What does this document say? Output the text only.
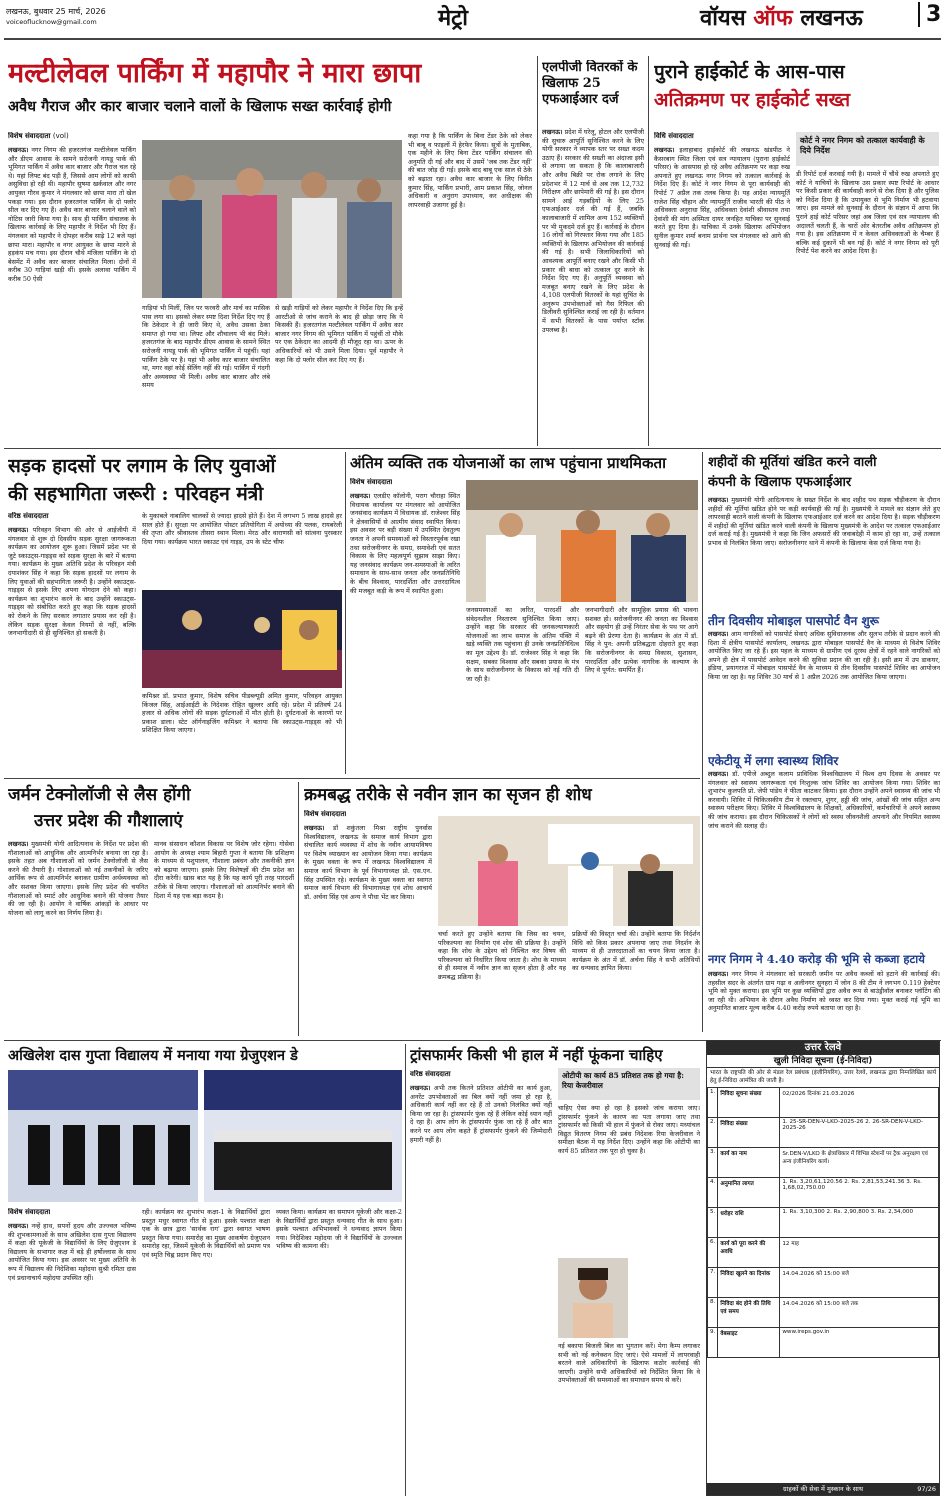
लखनऊ, बुधवार 25 मार्च, 2026
voiceoflucknow@gmail.com	मेट्रो	वॉयस ऑफ लखनऊ	3
मल्टीलेवल पार्किंग में महापौर ने मारा छापा
अवैध गैराज और कार बाजार चलाने वालों के खिलाफ सख्त कार्रवाई होगी
विशेष संवाददाता (vol)
लखनऊ। नगर निगम की हजरतगंज मल्टीलेवल पार्किंग और डीएम आवास के सामने सरोजनी नायडू पार्क की भूमिगत पार्किंग में अवैध कार बाजार और गैराज चल रहे थे। यहां लिफ्ट बंद पड़ी हैं, जिससे आम लोगों को काफी असुविधा हो रही थी। महापौर सुषमा खर्कवाल और नगर आयुक्त गौरव कुमार ने मंगलवार को छापा मारा तो खेल पकड़ा गया। इस दौरान हजरतगंज पार्किंग के दो फ्लोर सील कर दिए गए हैं। अवैध कार बाजार चलाने वाले को नोटिस जारी किया गया है। साथ ही पार्किंग संचालक के खिलाफ कार्रवाई के लिए महापौर ने निर्देश भी दिए हैं। मंगलवार को महापौर ने दोपहर करीब साढ़े 12 बजे यहां छापा मारा। महापौर व नगर आयुक्त के छापा मारने से हड़कंप मच गया। इस दौरान चौथे मंजिला पार्किंग के दो बेसमेंट में अवैध कार बाजार संचालित मिला। दोनों में करीब 30 गाड़ियां खड़ी थीं। इसके अलावा पार्किंग में करीब 50 ऐसी
गाड़ियां भी मिलीं, जिन पर फरवरी और मार्च का मासिक पास लगा था। इसको लेकर स्पष्ट दिशा निर्देश दिए गए हैं कि ठेकेदार ने ही जारी किए थे, अवैध उसका ठेका समाप्त हो गया था। लिफ्ट और शौचालय भी बंद मिले। हजरतगंज के बाद महापौर डीएम आवास के सामने स्थित सरोजनी नायडू पार्क की भूमिगत पार्किंग में पहुंचीं। यहां पार्किंग ठेके पर है। यहां भी अवैध कार बाजार संचालित था, मगर वहां कोई सेलिंग नहीं की गई। पार्किंग में गंदगी और अव्यवस्था भी मिली। अवैध कार बाजार और लंबे समय
से खड़ी गाड़ियों को लेकर महापौर ने निर्देश दिए कि इन्हें आरटीओ से जांच कराने के बाद ही छोड़ा जाए कि ये किसकी हैं। हजरतगंज मल्टीलेवल पार्किंग में अवैध कार बाजार नगर निगम की भूमिगत पार्किंग में पहुंचीं तो मौके पर एक ठेकेदार का आदमी ही मौजूद रहा था। ऊपर के अधिकारियों को भी उसने मिला दिया। पूर्व महापौर ने कहा कि दो फ्लोर सील कर दिए गए हैं।
कहा गया है कि पार्किंग के बिना टेंडर ठेके को लेकर भी बाबू व फाइलों में हेरफेर किया। सूत्रों के मुताबिक, एक महीने के लिए बिना टेंडर पार्किंग संचालन की अनुमति दी गई और बाद में उसमें 'जब तक टेंडर नहीं' की बात जोड़ दी गई। इसके बाद बाबू एक साल से ठेके को बढ़ाता रहा। अवैध कार बाजार के लिए विनीत कुमार सिंह, पार्किंग प्रभारी, आम प्रकाश सिंह, जोनल अधिकारी व अनुराग उपाध्याय, कर अधीक्षक की लापरवाही उजागर हुई है।
एलपीजी वितरकों के खिलाफ 25 एफआईआर दर्ज
लखनऊ। प्रदेश में घरेलू, होटल और एलपीजी की सुचारु आपूर्ति सुनिश्चित करने के लिए योगी सरकार ने व्यापक स्तर पर सख्त कदम उठाए हैं। सरकार की सख्ती का अंदाजा इसी से लगाया जा सकता है कि कालाबाजारी और अवैध बिक्री पर रोक लगाने के लिए प्रदेशभर में 12 मार्च से अब तक 12,732 निरीक्षण और छापेमारी की गई है। इस दौरान सामने आई गड़बड़ियों के लिए 25 एफआईआर दर्ज की गई हैं, जबकि कालाबाजारी में शामिल अन्य 152 व्यक्तियों पर भी मुकदमे दर्ज हुए हैं। कार्रवाई के दौरान 16 लोगों को गिरफ्तार किया गया और 185 व्यक्तियों के खिलाफ अभियोजन की कार्रवाई की गई है। सभी जिलाधिकारियों को आवश्यक आपूर्ति बनाए रखने और किसी भी प्रकार की बाधा को तत्काल दूर करने के निर्देश दिए गए हैं। अनुपूर्ति व्यवस्था को मजबूत बनाए रखने के लिए प्रदेश के 4,108 एलपीजी वितरकों के यहां सुचिंत के अनुरूप उपभोक्ताओं को गैस रिफिल की डिलीवरी सुनिश्चित कराई जा रही है। वर्तमान में सभी वितरकों के पास पर्याप्त स्टॉक उपलब्ध है।
पुराने हाईकोर्ट के आस-पास
अतिक्रमण पर हाईकोर्ट सख्त
विधि संवाददाता
लखनऊ। इलाहाबाद हाईकोर्ट की लखनऊ खंडपीठ ने कैसरबाग स्थित जिला एवं सत्र न्यायालय (पुराना हाईकोर्ट परिसर) के आसपास हो रहे अवैध अतिक्रमण पर कड़ा रुख अपनाते हुए लखनऊ नगर निगम को तत्काल कार्रवाई के निर्देश दिए हैं। कोर्ट ने नगर निगम से पूरा कार्यवाही की रिपोर्ट 7 अप्रैल तक तलब किया है। यह आदेश न्यायमूर्ति राजेश सिंह चौहान और न्यायमूर्ति राजीव भारती की पीठ ने अधिवक्ता अनुराधा सिंह, अधिवक्ता देवांशी श्रीवास्तव तथा देवांशी की मांग अस्मिता दायर जनहित याचिका पर सुनवाई करते हुए दिया है। याचिका में उनके खिलाफ अभियोजन सुनील कुमार शर्मा बनाम प्रार्थना पत्र मंगलवार को आगे की सुनवाई की गई।
कोर्ट ने नगर निगम को तत्काल कार्यवाही के दिये निर्देश
डी रिपोर्ट दर्ज करवाई गयी है। मामले में चौथे रुख अपनाते हुए कोर्ट ने याचियों के खिलाफ उस प्रकार स्पष्ट रिपोर्ट के आधार पर किसी प्रकार की कार्यवाही करने से रोक दिया है और पुलिस को निर्देश दिया है कि उपायुक्त से भूमि निर्माण भी हटवाया जाए। इस मामले को सुनवाई के दौरान के संज्ञान में आया कि पुराने हाई कोर्ट परिसर जहां अब जिला एवं सत्र न्यायालय की अदालतें चलती हैं, के चारों ओर बेतरतीब अवैध अतिक्रमण हो गया है। इस अतिक्रमण में न केवल अधिवक्ताओं के चैम्बर हैं बल्कि कई दुकानें भी बन गई हैं। कोर्ट ने नगर निगम को पूरी रिपोर्ट पेश करने का आदेश दिया है।
सड़क हादसों पर लगाम के लिए युवाओं
की सहभागिता जरूरी : परिवहन मंत्री
वरिष्ठ संवाददाता
लखनऊ। परिवहन विभाग की ओर से आईजीपी में मंगलवार से शुरू दो दिवसीय सड़क सुरक्षा जागरूकता कार्यक्रम का आयोजन शुरू हुआ। जिसमें प्रदेश भर से जुटे स्काउट्स-गाइड्स को सड़क सुरक्षा के बारे में बताया गया। कार्यक्रम के मुख्य अतिथि प्रदेश के परिवहन मंत्री दयाशंकर सिंह ने कहा कि सड़क हादसों पर लगाम के लिए युवाओं की सहभागिता जरूरी है। उन्होंने स्काउट्स-गाइड्स से इसके लिए अपना योगदान देने को कहा। कार्यक्रम का शुभारंभ करने के बाद उन्होंने स्काउट्स-गाइड्स को संबोधित करते हुए कहा कि सड़क हादसों को रोकने के लिए सरकार लगातार प्रयास कर रही है। लेकिन सड़क सुरक्षा केवल नियमों से नहीं, बल्कि जनभागीदारी से ही सुनिश्चित हो सकती है।
के मुकाबले नाबालिग चालकों से ज्यादा हादसे होते हैं। देश में लगभग 5 लाख हादसे हर साल होते हैं। सुरक्षा पर आयोजित पोस्टर प्रतियोगिता में अयोध्या की पलक, रायबरेली की तृप्ता और श्रीवास्तव तीसरा स्थान मिला। मेरठ और वाराणसी को सांत्वना पुरस्कार दिया गया। कार्यक्रम भारत स्काउट एवं गाइड, उप के स्टेट चीफ
कमिश्नर डॉ. प्रभात कुमार, विशेष सचिव पीडब्ल्यूडी अमित कुमार, परिवहन आयुक्त किंजल सिंह, आईआईटी के निदेशक रोहित खुल्लर आदि रहे। प्रदेश में प्रतिवर्ष 24 हजार से अधिक लोगों की सड़क दुर्घटनाओं में मौत होती है। दुर्घटनाओं के कारणों पर प्रकाश डाला। स्टेट ऑर्गनाइजिंग कमिश्नर ने बताया कि स्काउट्स-गाइड्स को भी प्रशिक्षित किया जाएगा।
अंतिम व्यक्ति तक योजनाओं का लाभ पहुंचाना प्राथमिकता
विशेष संवाददाता
लखनऊ। एलडीए कॉलोनी, पराग चौराहा स्थित विधायक कार्यालय पर मंगलवार को आयोजित जनसंवाद कार्यक्रम में विधायक डॉ. राजेश्वर सिंह ने क्षेत्रवासियों से आत्मीय संवाद स्थापित किया। इस अवसर पर बड़ी संख्या में उपस्थित देवतुल्य जनता ने अपनी समस्याओं को विस्तारपूर्वक रखा तथा सरोजनीनगर के समग्र, समावेशी एवं सतत विकास के लिए महत्वपूर्ण सुझाव साझा किए। यह जनसंवाद कार्यक्रम जन-समस्याओं के त्वरित समाधान के साथ-साथ जनता और जनप्रतिनिधि के बीच विश्वास, पारदर्शिता और उत्तरदायित्व की मजबूत कड़ी के रूप में स्थापित हुआ।
जनसमस्याओं का त्वरित, पारदर्शी और संवेदनशील निस्तारण सुनिश्चित किया जाए। उन्होंने कहा कि सरकार की जनकल्याणकारी योजनाओं का लाभ समाज के अंतिम पंक्ति में खड़े व्यक्ति तक पहुंचाना ही उनके जनप्रतिनिधित्व का मूल उद्देश्य है। डॉ. राजेश्वर सिंह ने कहा कि सक्षम, सबका विश्वास और सबका प्रयास के मंत्र के साथ सरोजनीनगर के विकास को नई गति दी जा रही है।
जनभागीदारी और सामूहिक प्रयास की भावना सशक्त हो। सरोजनीनगर की जनता का विश्वास और सहयोग ही उन्हें निरंतर सेवा के पथ पर आगे बढ़ने की प्रेरणा देता है। कार्यक्रम के अंत में डॉ. सिंह ने पुन: अपनी प्रतिबद्धता दोहराते हुए कहा कि सरोजनीनगर के समग्र विकास, सुशासन, पारदर्शिता और प्रत्येक नागरिक के कल्याण के लिए वे पूर्णत: समर्पित हैं।
शहीदों की मूर्तियां खंडित करने वाली
कंपनी के खिलाफ एफआईआर
लखनऊ। मुख्यमंत्री योगी आदित्यनाथ के सख्त निर्देश के बाद शहीद पथ सड़क चौड़ीकरण के दौरान शहीदों की मूर्तियां खंडित होने पर कड़ी कार्यवाही की गई है। मुख्यमंत्री ने मामले का संज्ञान लेते हुए लापरवाही बरतने वाली कंपनी के खिलाफ एफआईआर दर्ज करने का आदेश दिया है। सड़क चौड़ीकरण में शहीदों की मूर्तियां खंडित करने वाली कंपनी के खिलाफ मुख्यमंत्री के आदेश पर तत्काल एफआईआर दर्ज कराई गई है। मुख्यमंत्री ने कहा कि जिन अफसरों की जवाबदेही में काम हो रहा था, उन्हें तत्काल प्रभाव से निलंबित किया जाए। सरोजनीनगर थाने में कंपनी के खिलाफ केस दर्ज किया गया है।
तीन दिवसीय मोबाइल पासपोर्ट वैन शुरू
लखनऊ। आम नागरिकों को पासपोर्ट सेवाएं अधिक सुविधाजनक और सुलभ तरीके से प्रदान करने की दिशा में क्षेत्रीय पासपोर्ट कार्यालय, लखनऊ द्वारा मोबाइल पासपोर्ट वैन के माध्यम से विशेष शिविर आयोजित किए जा रहे हैं। इस पहल के माध्यम से ग्रामीण एवं दूरस्थ क्षेत्रों में रहने वाले नागरिकों को अपने ही क्षेत्र में पासपोर्ट आवेदन करने की सुविधा प्रदान की जा रही है। इसी क्रम में उप डाकघर, इंडिया, प्रयागराज में मोबाइल पासपोर्ट वैन के माध्यम से तीन दिवसीय पासपोर्ट शिविर का आयोजन किया जा रहा है। यह शिविर 30 मार्च से 1 अप्रैल 2026 तक आयोजित किया जाएगा।
एकेटीयू में लगा स्वास्थ्य शिविर
लखनऊ। डॉ. एपीजे अब्दुल कलाम प्राविधिक विश्वविद्यालय में विश्व क्षय दिवस के अवसर पर मंगलवार को स्वास्थ्य जागरूकता एवं निःशुल्क जांच शिविर का आयोजन किया गया। शिविर का शुभारंभ कुलपति प्रो. जेपी पांडेय ने फीता काटकर किया। इस दौरान उन्होंने अपने स्वास्थ्य की जांच भी करवायी। शिविर में चिकित्सकीय टीम ने रक्तचाप, शुगर, हड्डी की जांच, आंखों की जांच सहित अन्य स्वास्थ्य परीक्षण किए। शिविर में विश्वविद्यालय के शिक्षकों, अधिकारियों, कर्मचारियों ने अपने स्वास्थ्य की जांच कराया। इस दौरान चिकित्सकों ने लोगों को स्वस्थ जीवनशैली अपनाने और नियमित स्वास्थ्य जांच कराने की सलाह दी।
नगर निगम ने 4.40 करोड़ की भूमि से कब्जा हटाये
लखनऊ। नगर निगम ने मंगलवार को सरकारी जमीन पर अवैध कब्जों को हटाने की कार्रवाई की। तहसील सदर के अंतर्गत ग्राम गढ़ा व अलीनगर सुनहरा में जोन 8 की टीम ने लगभग 0.119 हेक्टेयर भूमि को मुक्त कराया। इस भूमि पर कुछ व्यक्तियों द्वारा अवैध रूप से बाउंड्रीवॉल बनाकर प्लॉटिंग की जा रही थी। अभियान के दौरान अवैध निर्माण को ध्वस्त कर दिया गया। मुक्त कराई गई भूमि का अनुमानित बाजार मूल्य करीब 4.40 करोड़ रुपये बताया जा रहा है।
जर्मन टेक्नोलॉजी से लैस होंगी
उत्तर प्रदेश की गौशालाएं
लखनऊ। मुख्यमंत्री योगी आदित्यनाथ के निर्देश पर प्रदेश की गौशालाओं को आधुनिक और आत्मनिर्भर बनाया जा रहा है। इसके तहत अब गौशालाओं को जर्मन टेक्नोलॉजी से लैस करने की तैयारी है। गोशालाओं को नई तकनीकों के जरिए आर्थिक रूप से आत्मनिर्भर बनाकर ग्रामीण अर्थव्यवस्था को और सशक्त किया जाएगा। इसके लिए प्रदेश की चयनित गौशालाओं को स्मार्ट और आधुनिक बनाने की योजना तैयार की जा रही है। आयोग ने वार्षिक आंकड़ों के आधार पर योजना को लागू करने का निर्णय लिया है।
मानव संसाधन कौशल विकास पर विशेष जोर रहेगा। गोसेवा आयोग के अध्यक्ष श्याम बिहारी गुप्ता ने बताया कि प्रशिक्षण के माध्यम से पशुपालन, गौशाला प्रबंधन और तकनीकी ज्ञान को बढ़ाया जाएगा। इसके लिए विशेषज्ञों की टीम प्रदेश का दौरा करेगी। खास बात यह है कि यह कार्य पूरी तरह पारदर्शी तरीके से किया जाएगा। गौशालाओं को आत्मनिर्भर बनाने की दिशा में यह एक बड़ा कदम है।
क्रमबद्ध तरीके से नवीन ज्ञान का सृजन ही शोध
विशेष संवाददाता
लखनऊ। डॉ शकुंतला मिश्रा राष्ट्रीय पुनर्वास विश्वविद्यालय, लखनऊ के समाज कार्य विभाग द्वारा संचालित कार्य व्यवस्था में शोध के नवीन आयामविषय पर विशेष व्याख्यान का आयोजन किया गया। कार्यक्रम के मुख्य वक्ता के रूप में लखनऊ विश्वविद्यालय में समाज कार्य विभाग के पूर्व विभागाध्यक्ष प्रो. एस.एन. सिंह उपस्थित रहे। कार्यक्रम के मुख्य वक्ता का स्वागत समाज कार्य विभाग की विभागाध्यक्ष एवं शोध आचार्य डॉ. अर्चना सिंह एवं अन्य ने पौधा भेंट कर किया।
चर्चा करते हुए उन्होंने बताया कि जिस का चयन, परिकल्पना का निर्माण एवं शोध की प्रक्रिया है। उन्होंने कहा कि शोध के उद्देश्य को निश्चित कर विषय की परिकल्पना को निर्धारित किया जाता है। शोध के माध्यम से ही समाज में नवीन ज्ञान का सृजन होता है और यह क्रमबद्ध प्रक्रिया है।
प्रक्रियों की विस्तृत चर्चा की। उन्होंने बताया कि निर्दर्शन विधि को किस प्रकार अपनाया जाए तथा निदर्शन के माध्यम से ही उत्तरदाताओं का चयन किया जाता है। कार्यक्रम के अंत में डॉ. अर्चना सिंह ने सभी अतिथियों का धन्यवाद ज्ञापित किया।
अखिलेश दास गुप्ता विद्यालय में मनाया गया ग्रेजुएशन डे
विशेष संवाददाता
लखनऊ। नन्हें हाथ, सपनों हृदय और उज्ज्वल भविष्य की शुभकामनाओं के साथ अखिलेश दास गुप्ता विद्यालय में कक्षा की यूकेजी के विद्यार्थियों के लिए ग्रेजुएशन डे विद्यालय के सभागार कक्ष में बड़े ही हर्षोल्लास के साथ आयोजित किया गया। इस अवसर पर मुख्य अतिथि के रूप में विद्यालय की निदेशिका महोदया सुश्री रमिता दास एवं प्रधानाचार्य महोदया उपस्थित रहीं।
रही। कार्यक्रम का शुभारंभ कक्षा-1 के विद्यार्थियों द्वारा प्रस्तुत मधुर स्वागत गीत से हुआ। इसके पश्चात कक्षा एक के छात्र द्वारा 'सार्थक राग' द्वारा स्वागत भाषण प्रस्तुत किया गया। समारोह का मुख्य आकर्षण ग्रेजुएशन समारोह रहा, जिसमें यूकेजी के विद्यार्थियों को प्रमाण पत्र एवं स्मृति चिह्न प्रदान किए गए।
व्यक्त किया। कार्यक्रम का समापन यूकेजी और कक्षा-2 के विद्यार्थियों द्वारा प्रस्तुत धन्यवाद गीत के साथ हुआ। इसके पश्चात अभिभावकों ने धन्यवाद ज्ञापन किया गया। निदेशिका महोदया जी ने विद्यार्थियों के उज्ज्वल भविष्य की कामना की।
ट्रांसफार्मर किसी भी हाल में नहीं फूंकना चाहिए
वरिष्ठ संवाददाता
लखनऊ। अभी तक कितने प्रतिशत ओटीपी का कार्य हुआ, अनरेंट उपभोक्ताओं का बिल क्यों नहीं जमा हो रहा है, अधिकारी कार्य नहीं कर रहे हैं तो उनको निलंबित क्यों नहीं किया जा रहा है। ट्रांसफार्मर फुंक रहे हैं लेकिन कोई ध्यान नहीं दे रहा है। आप लोग के ट्रांसफार्मर फुंक जा रहे हैं और बात करने पर आप लोग कहते हैं ट्रांसफार्मर फुंकने की जिम्मेदारी हमारी नहीं है।
ओटीपी का कार्य 85 प्रतिशत तक हो गया है: रिया केजरीवाल
चाहिए ऐसा क्या हो रहा है इसको जांच कराया जाए। ट्रांसफार्मर फुंकने के कारण का पता लगाया जाए तथा ट्रांसफार्मर को किसी भी हाल में फुंकने से रोका जाए। मध्यांचल विद्युत वितरण निगम की प्रबंध निदेशक रिया केजरीवाल ने समीक्षा बैठक में यह निर्देश दिए। उन्होंने कहा कि ओटीपी का कार्य 85 प्रतिशत तक पूरा हो चुका है।
नई बकाया बिजली बिल का भुगतान करें। मेगा कैम्प लगाकर सभी को नई कनेक्शन दिए जाएं। ऐसे मामलों में लापरवाही बरतने वाले अधिकारियों के खिलाफ कठोर कार्रवाई की जाएगी। उन्होंने सभी अधिकारियों को निर्देशित किया कि वे उपभोक्ताओं की समस्याओं का समाधान समय से करें।
उत्तर रेलवे
खुली निविदा सूचना (ई-निविदा)
भारत के राष्ट्रपति की ओर से मंडल रेल प्रबंधक (इंजीनियरिंग), उत्तर रेलवे, लखनऊ द्वारा निम्नलिखित कार्य हेतु ई-निविदा आमंत्रित की जाती है।
1.	निविदा सूचना संख्या	02/2026 दिनांक 21.03.2026
2.	निविदा संख्या	1. 25-SR-DEN-V-LKO-2025-26 2. 26-SR-DEN-V-LKO-2025-26
3.	कार्य का नाम	Sr.DEN-V/LKO के क्षेत्राधिकार में विभिन्न स्टेशनों पर ट्रैक अनुरक्षण एवं अन्य इंजीनियरिंग कार्य।
4.	अनुमानित लागत	1. Rs. 3,20,61,120.56 2. Rs. 2,81,53,241.36 3. Rs. 1,68,02,750.00
5.	धरोहर राशि	1. Rs. 3,10,300 2. Rs. 2,90,800 3. Rs. 2,34,000
6.	कार्य को पूरा करने की अवधि	12 माह
7.	निविदा खुलने का दिनांक	14.04.2026 को 15:00 बजे
8.	निविदा बंद होने की तिथि एवं समय	14.04.2026 को 15:00 बजे तक
9.	वेबसाइट	www.ireps.gov.in
ग्राहकों की सेवा में मुस्कान के साथ	97/26
